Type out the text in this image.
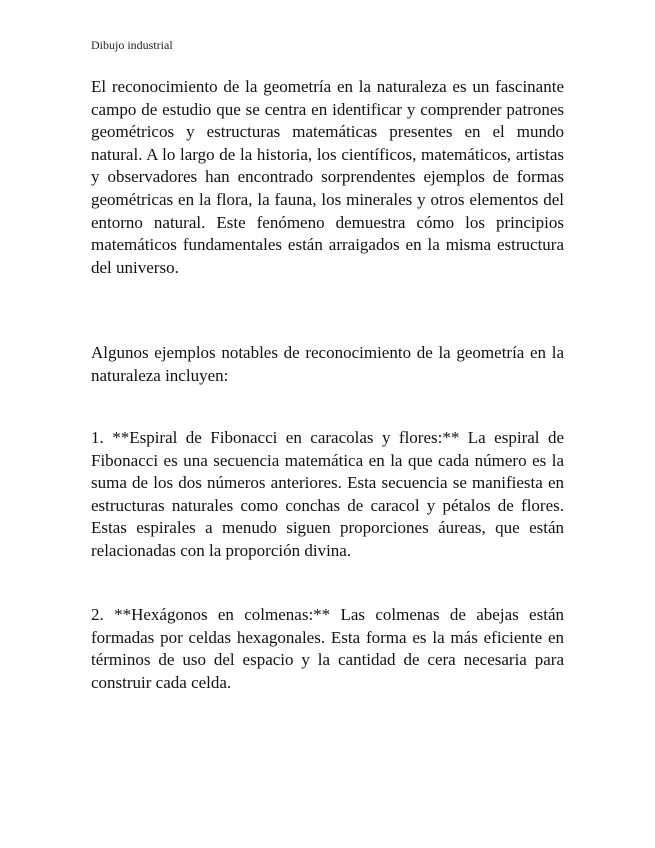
Dibujo industrial

El reconocimiento de la geometría en la naturaleza es un fascinante campo de estudio que se centra en identificar y comprender patrones geométricos y estructuras matemáticas presentes en el mundo natural. A lo largo de la historia, los científicos, matemáticos, artistas y observadores han encontrado sorprendentes ejemplos de formas geométricas en la flora, la fauna, los minerales y otros elementos del entorno natural. Este fenómeno demuestra cómo los principios matemáticos fundamentales están arraigados en la misma estructura del universo.

Algunos ejemplos notables de reconocimiento de la geometría en la naturaleza incluyen:

1. **Espiral de Fibonacci en caracolas y flores:** La espiral de Fibonacci es una secuencia matemática en la que cada número es la suma de los dos números anteriores. Esta secuencia se manifiesta en estructuras naturales como conchas de caracol y pétalos de flores. Estas espirales a menudo siguen proporciones áureas, que están relacionadas con la proporción divina.

2. **Hexágonos en colmenas:** Las colmenas de abejas están formadas por celdas hexagonales. Esta forma es la más eficiente en términos de uso del espacio y la cantidad de cera necesaria para construir cada celda.
